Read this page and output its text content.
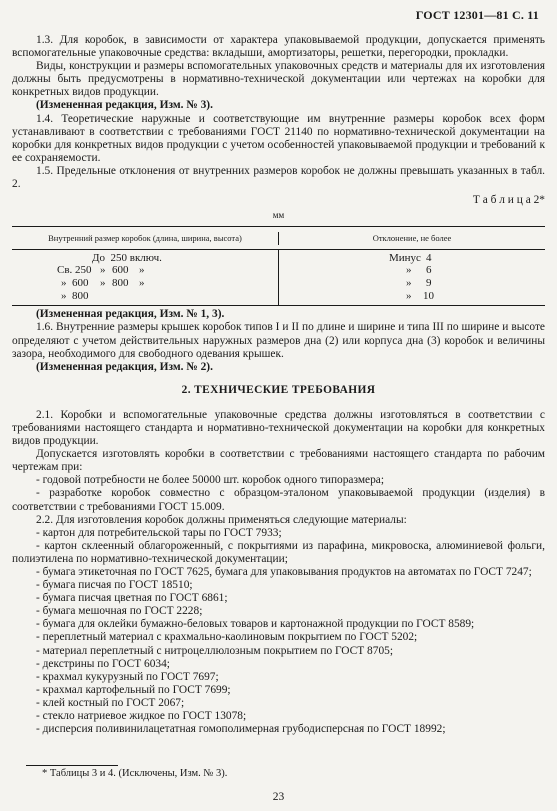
ГОСТ 12301—81 С. 11

1.3. Для коробок, в зависимости от характера упаковываемой продукции, допускается применять вспомогательные упаковочные средства: вкладыши, амортизаторы, решетки, перегородки, прокладки.

Виды, конструкции и размеры вспомогательных упаковочных средств и материалы для их изготовления должны быть предусмотрены в нормативно-технической документации или чертежах на коробки для конкретных видов продукции.

(Измененная редакция, Изм. № 3).

1.4. Теоретические наружные и соответствующие им внутренние размеры коробок всех форм устанавливают в соответствии с требованиями ГОСТ 21140 по нормативно-технической документации на коробки для конкретных видов продукции с учетом особенностей упаковываемой продукции и требований к ее сохраняемости.

1.5. Предельные отклонения от внутренних размеров коробок не должны превышать указанных в табл. 2.

Т а б л и ц а 2*

мм
Внутренний размер коробок (длина, ширина, высота)	Отклонение, не более
До  250 включ.
Св. 250 » 600 »
»  600 » 800 »
»  800
Минус 4
» 6
» 9
» 10

(Измененная редакция, Изм. № 1, 3).

1.6. Внутренние размеры крышек коробок типов I и II по длине и ширине и типа III по ширине и высоте определяют с учетом действительных наружных размеров дна (2) или корпуса дна (3) коробок и величины зазора, необходимого для свободного одевания крышек.

(Измененная редакция, Изм. № 2).

2. ТЕХНИЧЕСКИЕ ТРЕБОВАНИЯ

2.1. Коробки и вспомогательные упаковочные средства должны изготовляться в соответствии с требованиями настоящего стандарта и нормативно-технической документации на коробки для конкретных видов продукции.

Допускается изготовлять коробки в соответствии с требованиями настоящего стандарта по рабочим чертежам при:

- годовой потребности не более 50000 шт. коробок одного типоразмера;

- разработке коробок совместно с образцом-эталоном упаковываемой продукции (изделия) в соответствии с требованиями ГОСТ 15.009.

2.2. Для изготовления коробок должны применяться следующие материалы:

- картон для потребительской тары по ГОСТ 7933;

- картон склеенный облагороженный, с покрытиями из парафина, микровоска, алюминиевой фольги, полиэтилена по нормативно-технической документации;

- бумага этикеточная по ГОСТ 7625, бумага для упаковывания продуктов на автоматах по ГОСТ 7247;

- бумага писчая по ГОСТ 18510;

- бумага писчая цветная по ГОСТ 6861;

- бумага мешочная по ГОСТ 2228;

- бумага для оклейки бумажно-беловых товаров и картонажной продукции по ГОСТ 8589;

- переплетный материал с крахмально-каолиновым покрытием по ГОСТ 5202;

- материал переплетный с нитроцеллюлозным покрытием по ГОСТ 8705;

- декстрины по ГОСТ 6034;

- крахмал кукурузный по ГОСТ 7697;

- крахмал картофельный по ГОСТ 7699;

- клей костный по ГОСТ 2067;

- стекло натриевое жидкое по ГОСТ 13078;

- дисперсия поливинилацетатная гомополимерная грубодисперсная по ГОСТ 18992;

* Таблицы 3 и 4. (Исключены, Изм. № 3).
23
